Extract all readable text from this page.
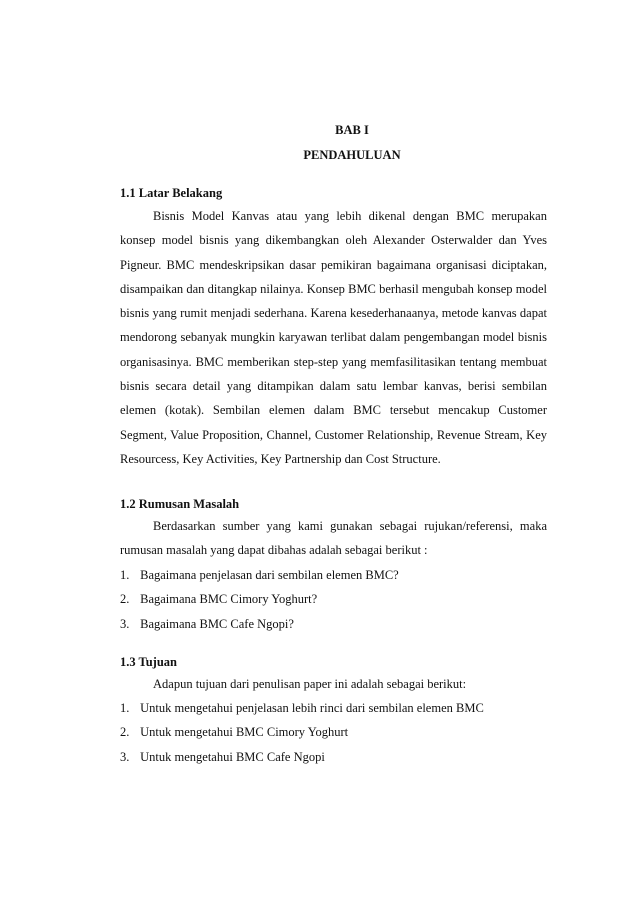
BAB I
PENDAHULUAN
1.1 Latar Belakang

Bisnis Model Kanvas atau yang lebih dikenal dengan BMC merupakan konsep model bisnis yang dikembangkan oleh Alexander Osterwalder dan Yves Pigneur. BMC mendeskripsikan dasar pemikiran bagaimana organisasi diciptakan, disampaikan dan ditangkap nilainya. Konsep BMC berhasil mengubah konsep model bisnis yang rumit menjadi sederhana. Karena kesederhanaanya, metode kanvas dapat mendorong sebanyak mungkin karyawan terlibat dalam pengembangan model bisnis organisasinya. BMC memberikan step-step yang memfasilitasikan tentang membuat bisnis secara detail yang ditampikan dalam satu lembar kanvas, berisi sembilan elemen (kotak). Sembilan elemen dalam BMC tersebut mencakup Customer Segment, Value Proposition, Channel, Customer Relationship, Revenue Stream, Key Resourcess, Key Activities, Key Partnership dan Cost Structure.

1.2 Rumusan Masalah

Berdasarkan sumber yang kami gunakan sebagai rujukan/referensi, maka rumusan masalah yang dapat dibahas adalah sebagai berikut :

1. Bagaimana penjelasan dari sembilan elemen BMC?
2. Bagaimana BMC Cimory Yoghurt?
3. Bagaimana BMC Cafe Ngopi?
1.3 Tujuan

Adapun tujuan dari penulisan paper ini adalah sebagai berikut:

1. Untuk mengetahui penjelasan lebih rinci dari sembilan elemen BMC
2. Untuk mengetahui BMC Cimory Yoghurt
3. Untuk mengetahui BMC Cafe Ngopi
